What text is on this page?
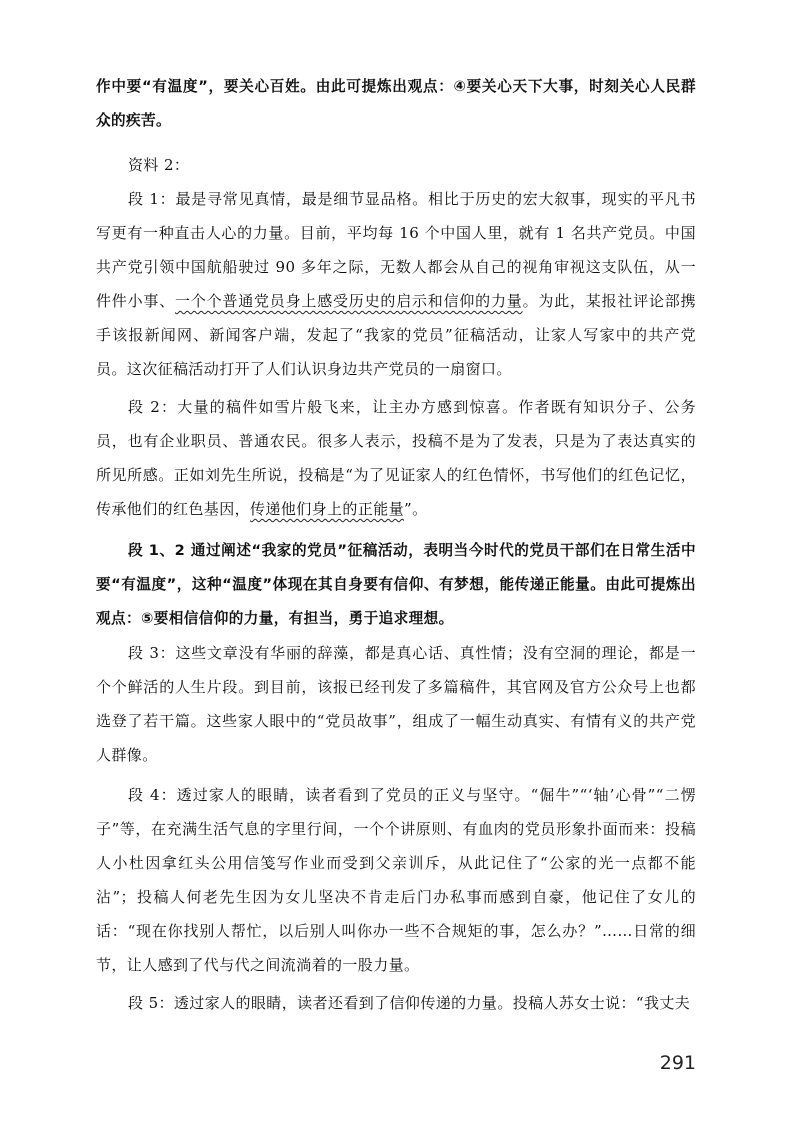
作中要“有温度”，要关心百姓。由此可提炼出观点：④要关心天下大事，时刻关心人民群众的疾苦。

资料 2：

段 1：最是寻常见真情，最是细节显品格。相比于历史的宏大叙事，现实的平凡书写更有一种直击人心的力量。目前，平均每 16 个中国人里，就有 1 名共产党员。中国共产党引领中国航船驶过 90 多年之际，无数人都会从自己的视角审视这支队伍，从一件件小事、一个个普通党员身上感受历史的启示和信仰的力量。为此，某报社评论部携手该报新闻网、新闻客户端，发起了“我家的党员”征稿活动，让家人写家中的共产党员。这次征稿活动打开了人们认识身边共产党员的一扇窗口。

段 2：大量的稿件如雪片般飞来，让主办方感到惊喜。作者既有知识分子、公务员，也有企业职员、普通农民。很多人表示，投稿不是为了发表，只是为了表达真实的所见所感。正如刘先生所说，投稿是“为了见证家人的红色情怀，书写他们的红色记忆，传承他们的红色基因，传递他们身上的正能量”。

段 1、2 通过阐述“我家的党员”征稿活动，表明当今时代的党员干部们在日常生活中要“有温度”，这种“温度”体现在其自身要有信仰、有梦想，能传递正能量。由此可提炼出观点：⑤要相信信仰的力量，有担当，勇于追求理想。

段 3：这些文章没有华丽的辞藻，都是真心话、真性情；没有空洞的理论，都是一个个鲜活的人生片段。到目前，该报已经刊发了多篇稿件，其官网及官方公众号上也都选登了若干篇。这些家人眼中的“党员故事”，组成了一幅生动真实、有情有义的共产党人群像。

段 4：透过家人的眼睛，读者看到了党员的正义与坚守。“倔牛”“‘轴’心骨”“二愣子”等，在充满生活气息的字里行间，一个个讲原则、有血肉的党员形象扑面而来：投稿人小杜因拿红头公用信笺写作业而受到父亲训斥，从此记住了“公家的光一点都不能沾”；投稿人何老先生因为女儿坚决不肯走后门办私事而感到自豪，他记住了女儿的话：“现在你找别人帮忙，以后别人叫你办一些不合规矩的事，怎么办？”……日常的细节，让人感到了代与代之间流淌着的一股力量。

段 5：透过家人的眼睛，读者还看到了信仰传递的力量。投稿人苏女士说：“我丈夫

291
